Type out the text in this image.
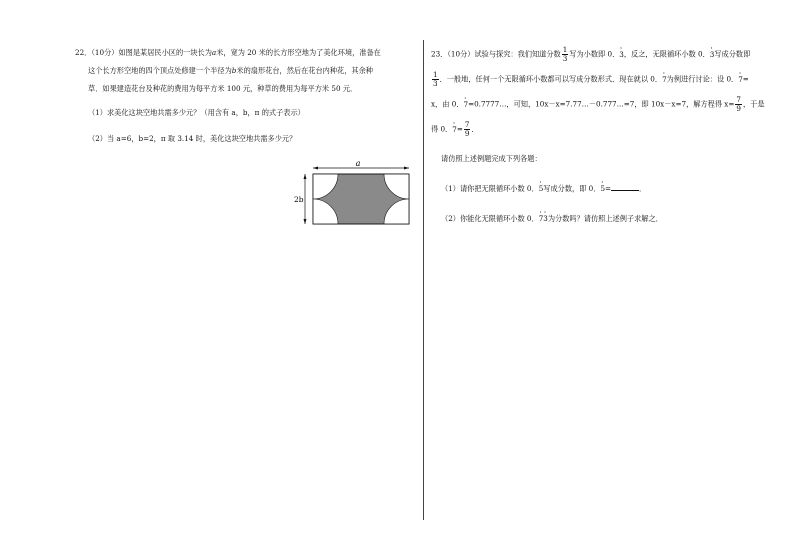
22．（10分）如图是某居民小区的一块长为a米，宽为 20 米的长方形空地为了美化环境，准备在
这个长方形空地的四个顶点处修建一个半径为b米的扇形花台，然后在花台内种花，其余种
草．如果建造花台及种花的费用为每平方米 100 元，种草的费用为每平方米 50 元．
（1）求美化这块空地共需多少元？（用含有 a，b，π 的式子表示）
（2）当 a=6，b=2，π 取 3.14 时，美化这块空地共需多少元？
a
2b
23．（10分）试验与探究：我们知道分数 $\frac{1}{3}$ 写为小数即 0．· 3，反之，无限循环小数 0．· 3写成分数即
$\frac{1}{3}$ ．一般地，任何一个无限循环小数都可以写成分数形式．现在就以 0．· 7为例进行讨论：设 0．· 7=
x，由 0．· 7=0.7777…，可知，10x－x=7.77…－0.777…=7，即 10x－x=7，解方程得 $x= \frac{7}{9}$ ，于是
得 0．· $7= \frac{7}{9}$ ．
请仿照上述例题完成下列各题：
（1）请你把无限循环小数 0．· 5写成分数，即 0．· 5=	．
（2）你能化无限循环小数 0．· 7· 3为分数吗？请仿照上述例子求解之．
